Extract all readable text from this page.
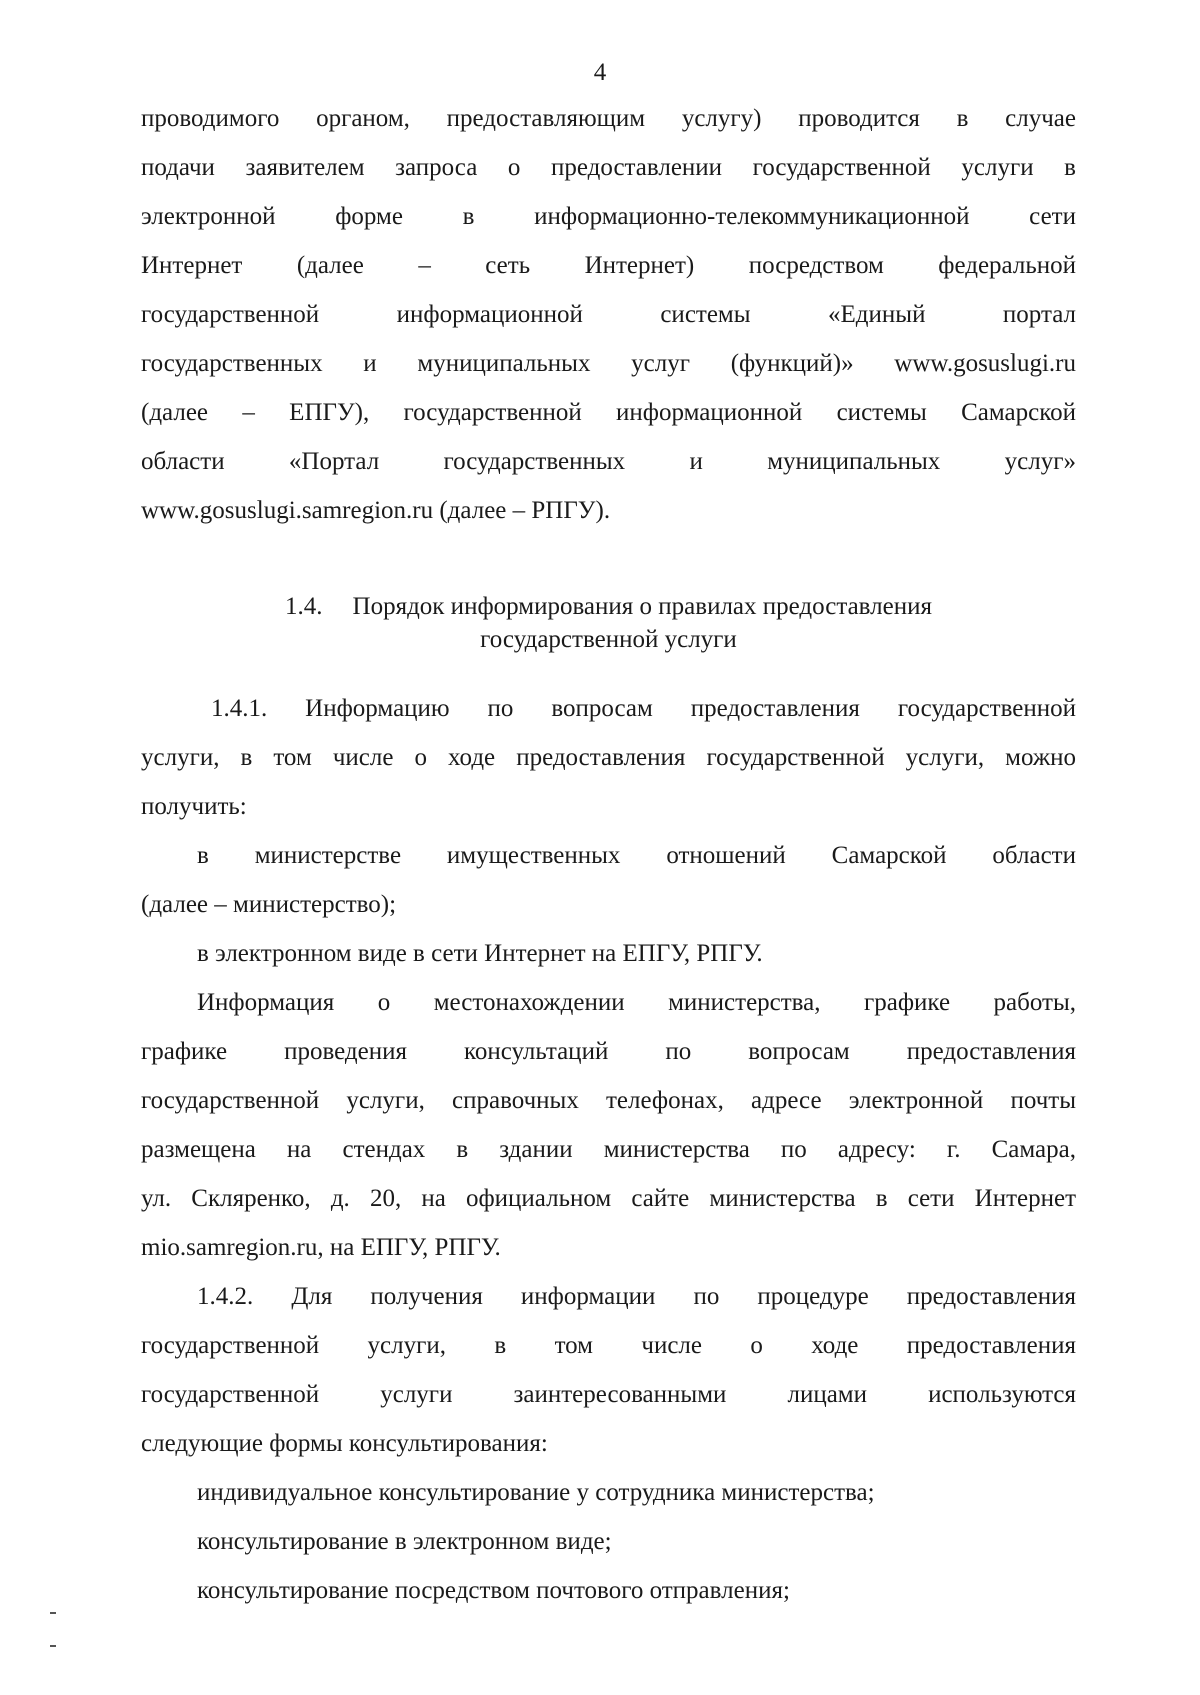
4
проводимого органом, предоставляющим услугу) проводится в случае
подачи заявителем запроса о предоставлении государственной услуги в
электронной форме в информационно-телекоммуникационной сети
Интернет (далее – сеть Интернет) посредством федеральной
государственной информационной системы «Единый портал
государственных и муниципальных услуг (функций)» www.gosuslugi.ru
(далее – ЕПГУ), государственной информационной системы Самарской
области «Портал государственных и муниципальных услуг»
www.gosuslugi.samregion.ru (далее – РПГУ).
1.4. Порядок информирования о правилах предоставления
государственной услуги
1.4.1. Информацию по вопросам предоставления государственной
услуги, в том числе о ходе предоставления государственной услуги, можно
получить:
в министерстве имущественных отношений Самарской области
(далее – министерство);
в электронном виде в сети Интернет на ЕПГУ, РПГУ.
Информация о местонахождении министерства, графике работы,
графике проведения консультаций по вопросам предоставления
государственной услуги, справочных телефонах, адресе электронной почты
размещена на стендах в здании министерства по адресу: г. Самара,
ул. Скляренко, д. 20, на официальном сайте министерства в сети Интернет
mio.samregion.ru, на ЕПГУ, РПГУ.
1.4.2. Для получения информации по процедуре предоставления
государственной услуги, в том числе о ходе предоставления
государственной услуги заинтересованными лицами используются
следующие формы консультирования:
индивидуальное консультирование у сотрудника министерства;
консультирование в электронном виде;
консультирование посредством почтового отправления;
